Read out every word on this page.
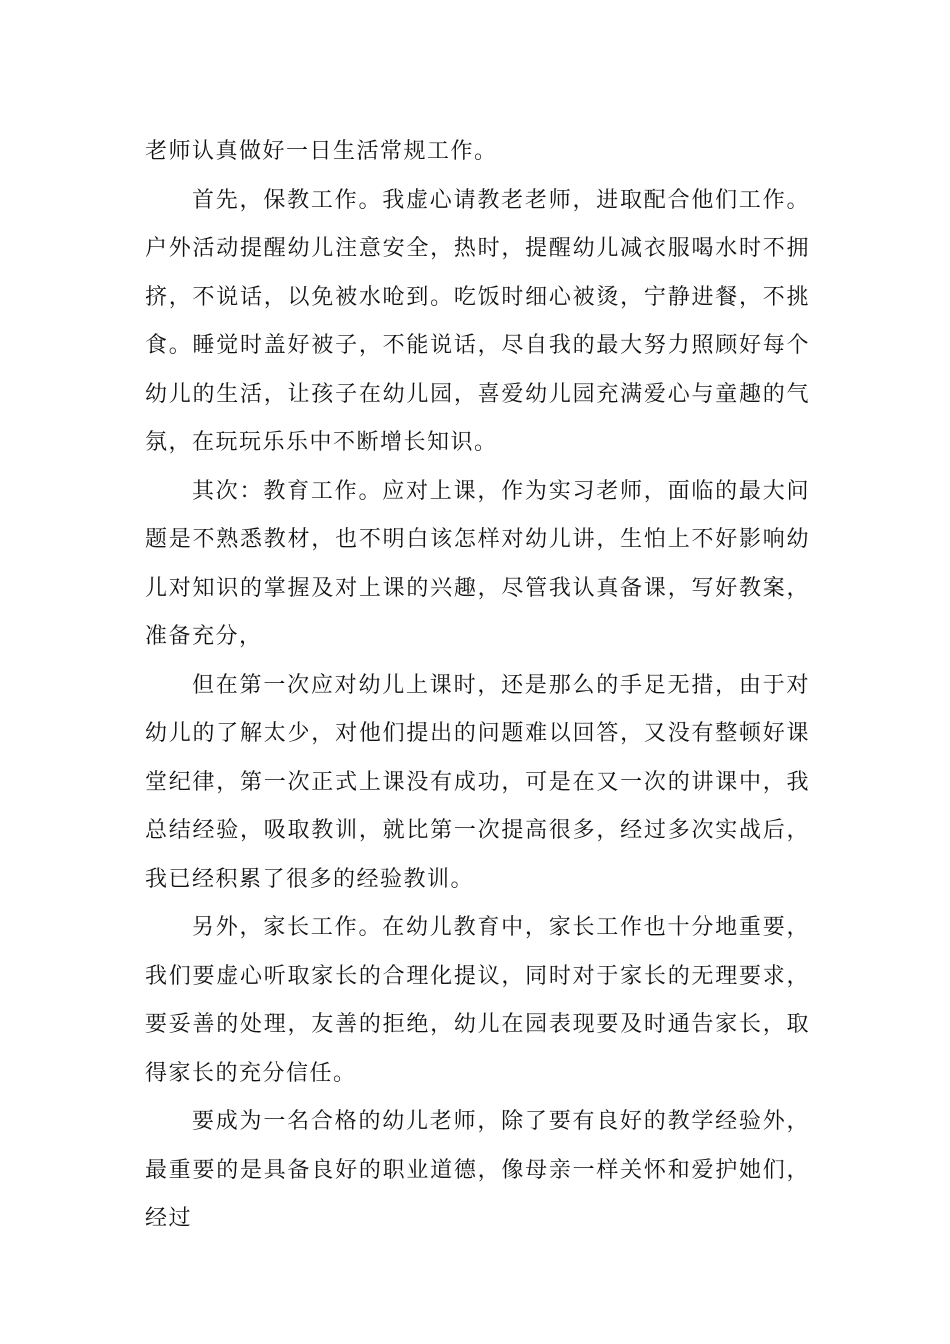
老师认真做好一日生活常规工作。

首先，保教工作。我虚心请教老老师，进取配合他们工作。户外活动提醒幼儿注意安全，热时，提醒幼儿减衣服喝水时不拥挤，不说话，以免被水呛到。吃饭时细心被烫，宁静进餐，不挑食。睡觉时盖好被子，不能说话，尽自我的最大努力照顾好每个幼儿的生活，让孩子在幼儿园，喜爱幼儿园充满爱心与童趣的气氛，在玩玩乐乐中不断增长知识。

其次：教育工作。应对上课，作为实习老师，面临的最大问题是不熟悉教材，也不明白该怎样对幼儿讲，生怕上不好影响幼儿对知识的掌握及对上课的兴趣，尽管我认真备课，写好教案，准备充分，

但在第一次应对幼儿上课时，还是那么的手足无措，由于对幼儿的了解太少，对他们提出的问题难以回答，又没有整顿好课堂纪律，第一次正式上课没有成功，可是在又一次的讲课中，我总结经验，吸取教训，就比第一次提高很多，经过多次实战后，我已经积累了很多的经验教训。

另外，家长工作。在幼儿教育中，家长工作也十分地重要，我们要虚心听取家长的合理化提议，同时对于家长的无理要求，要妥善的处理，友善的拒绝，幼儿在园表现要及时通告家长，取得家长的充分信任。

要成为一名合格的幼儿老师，除了要有良好的教学经验外，最重要的是具备良好的职业道德，像母亲一样关怀和爱护她们，经过
